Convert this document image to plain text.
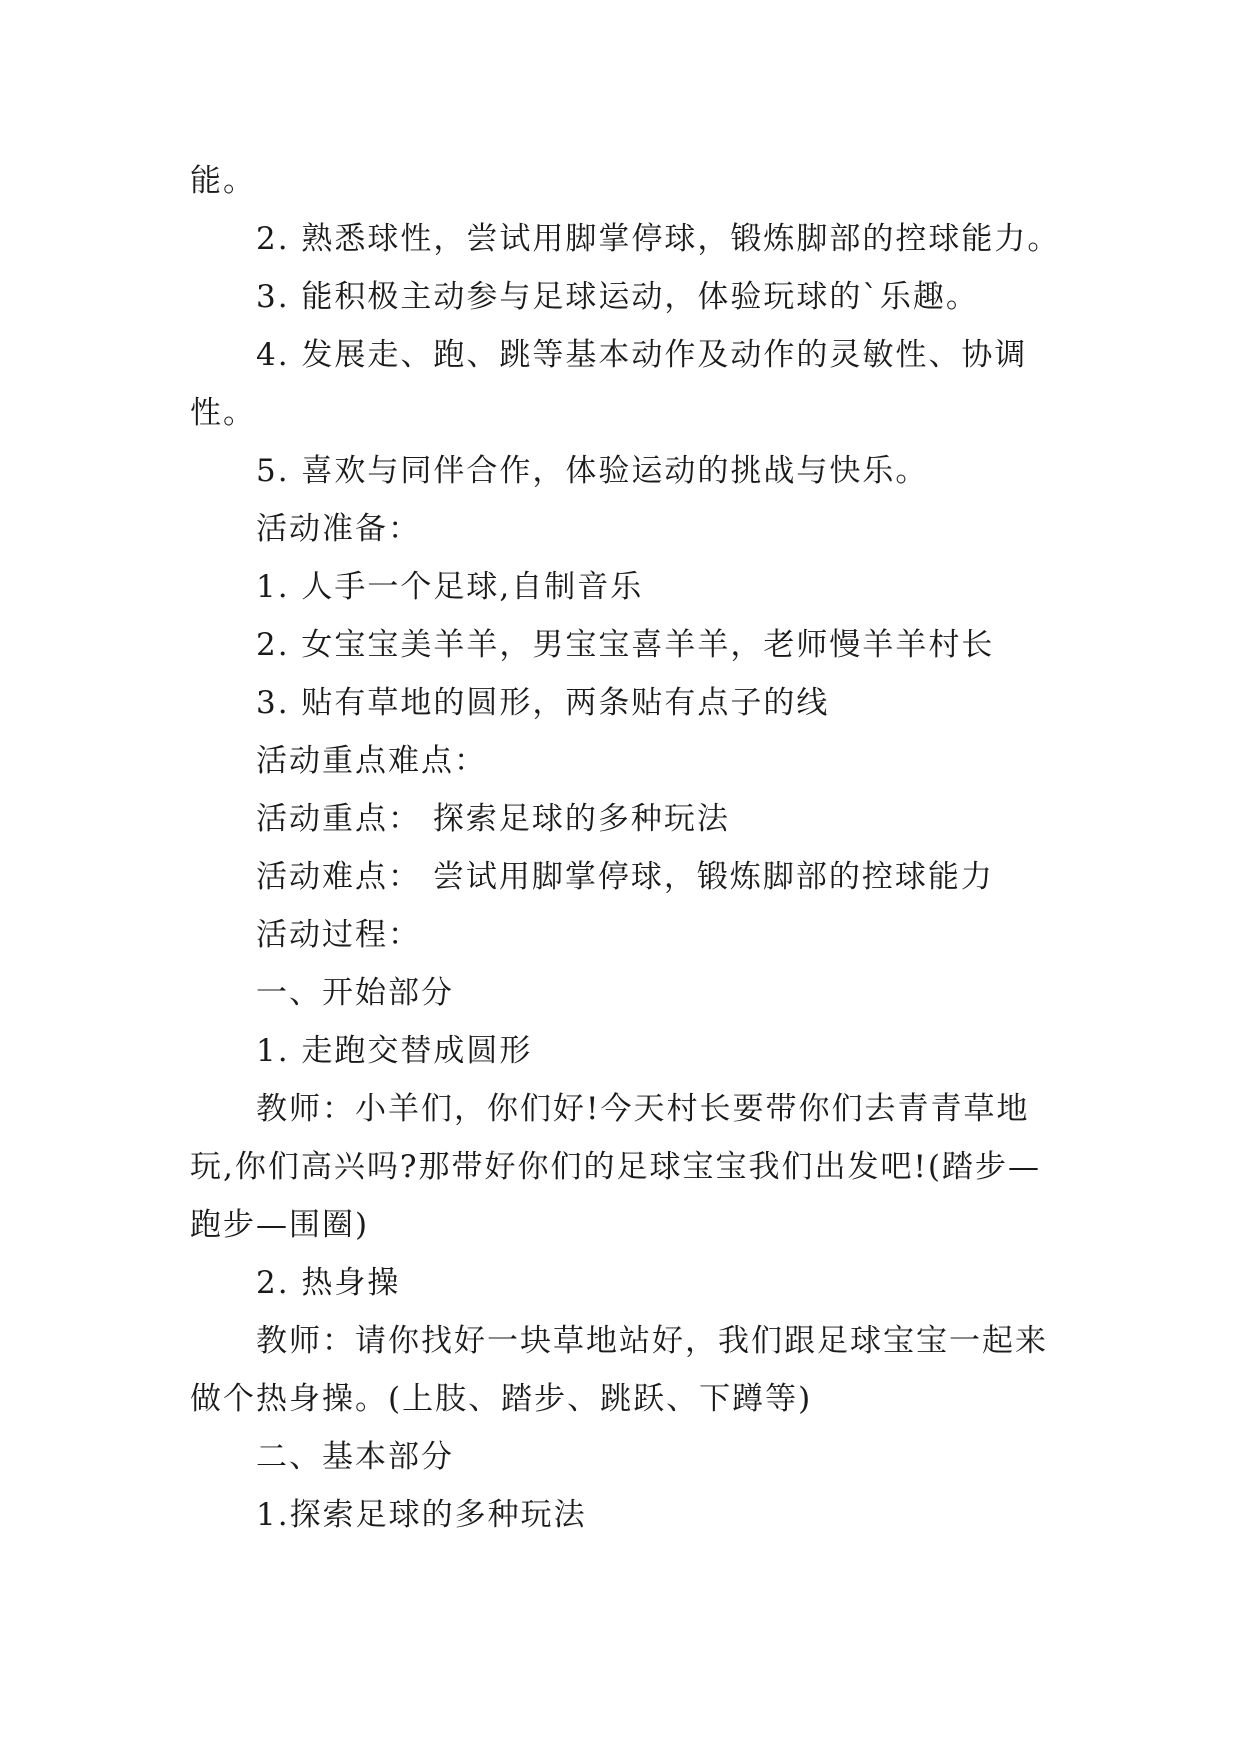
能。

2. 熟悉球性，尝试用脚掌停球，锻炼脚部的控球能力。

3. 能积极主动参与足球运动，体验玩球的`乐趣。

4. 发展走、跑、跳等基本动作及动作的灵敏性、协调性。

5. 喜欢与同伴合作，体验运动的挑战与快乐。

活动准备：

1. 人手一个足球,自制音乐

2. 女宝宝美羊羊，男宝宝喜羊羊，老师慢羊羊村长

3. 贴有草地的圆形，两条贴有点子的线

活动重点难点：

活动重点： 探索足球的多种玩法

活动难点： 尝试用脚掌停球，锻炼脚部的控球能力

活动过程：

一、开始部分

1. 走跑交替成圆形

教师：小羊们，你们好!今天村长要带你们去青青草地玩,你们高兴吗?那带好你们的足球宝宝我们出发吧!(踏步—跑步—围圈)

2. 热身操

教师：请你找好一块草地站好，我们跟足球宝宝一起来做个热身操。(上肢、踏步、跳跃、下蹲等)

二、基本部分

1.探索足球的多种玩法
